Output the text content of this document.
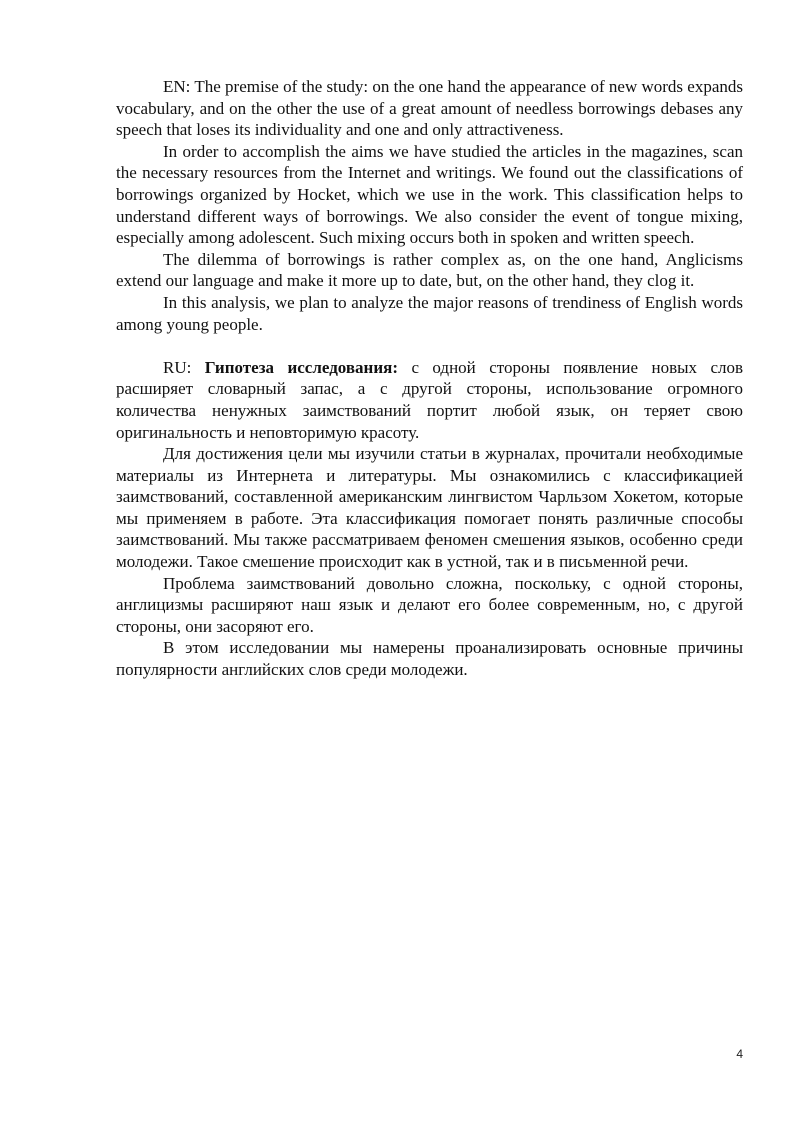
EN: The premise of the study: on the one hand the appearance of new words expands vocabulary, and on the other the use of a great amount of needless borrowings debases any speech that loses its individuality and one and only attractiveness.

In order to accomplish the aims we have studied the articles in the magazines, scan the necessary resources from the Internet and writings. We found out the classifications of borrowings organized by Hocket, which we use in the work. This classification helps to understand different ways of borrowings. We also consider the event of tongue mixing, especially among adolescent. Such mixing occurs both in spoken and written speech.

The dilemma of borrowings is rather complex as, on the one hand, Anglicisms extend our language and make it more up to date, but, on the other hand, they clog it.

In this analysis, we plan to analyze the major reasons of trendiness of English words among young people.

RU: Гипотеза исследования: с одной стороны появление новых слов расширяет словарный запас, а с другой стороны, использование огромного количества ненужных заимствований портит любой язык, он теряет свою оригинальность и неповторимую красоту.

Для достижения цели мы изучили статьи в журналах, прочитали необходимые материалы из Интернета и литературы. Мы ознакомились с классификацией заимствований, составленной американским лингвистом Чарльзом Хокетом, которые мы применяем в работе. Эта классификация помогает понять различные способы заимствований. Мы также рассматриваем феномен смешения языков, особенно среди молодежи. Такое смешение происходит как в устной, так и в письменной речи.

Проблема заимствований довольно сложна, поскольку, с одной стороны, англицизмы расширяют наш язык и делают его более современным, но, с другой стороны, они засоряют его.

В этом исследовании мы намерены проанализировать основные причины популярности английских слов среди молодежи.

4
